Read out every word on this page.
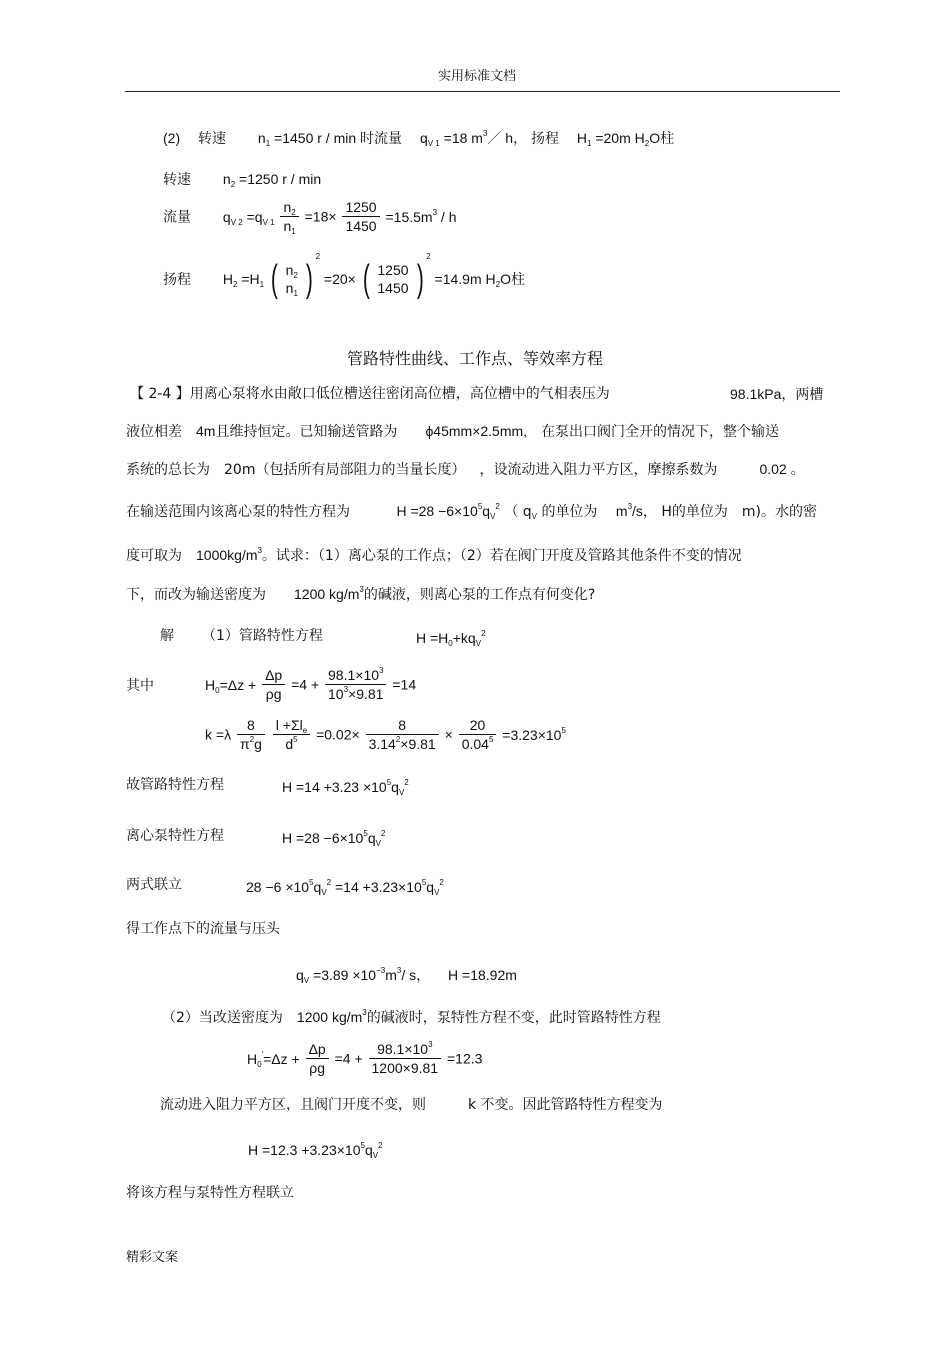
实用标准文档
(2) 转速 $n_1 =1450$ r / min 时流量 $q_{V 1} =18$ $m^3/$ h， 扬程 $H_1 =20m$ $H_2O$柱
转速 $n_2 =1250$ r / min
流量 $q_{V 2} =q_{V 1} \frac{n_2}{n_1} =18\times \frac{1250}{1450} =15.5m^3 / h$
扬程 $H_2 =H_1$ ( $n_2$
$n_1$ )$^2$ =20× ( 1250
1450 )$^2$ =14.9m $H_2O$柱
管路特性曲线、工作点、等效率方程
【 2-4 】用离心泵将水由敞口低位槽送往密闭高位槽，高位槽中的气相表压为	98.1kPa，两槽
液位相差 4m且维持恒定。已知输送管路为 ϕ45mm×2.5mm, 在泵出口阀门全开的情况下，整个输送
系统的总长为 20m（包括所有局部阻力的当量长度） ，设流动进入阻力平方区，摩擦系数为	0.02 。
在输送范围内该离心泵的特性方程为	$H =28 -6\times 10^5q_V^2$ （ $q_V$ 的单位为 $m^3/s$， H的单位为 m)。水的密
度可取为 $1000kg/m^3$。试求：（1）离心泵的工作点；（2）若在阀门开度及管路其他条件不变的情况
下，而改为输送密度为 1200 $kg/m^3$的碱液，则离心泵的工作点有何变化?
解 （1）管路特性方程	$H =H_0+kq_V^2$
其中	$H_0=\Delta z + \frac{\Delta p}{\rho g} =4 + \frac{98.1\times 10^3}{10^3\times 9.81} =14$
$k =\lambda \frac{8}{\pi^2g}$
$\frac{l +\Sigma l_e}{d^5} =0.02\times \frac{8}{3.14^2\times 9.81} \times \frac{20}{0.04^5} =3.23\times 10^5$
故管路特性方程	$H =14 +3.23 \times 10^5q_V^2$
离心泵特性方程	$H =28 -6\times 10^5q_V^2$
两式联立	$28 -6 \times 10^5q_V^2 =14 +3.23\times 10^5q_V^2$
得工作点下的流量与压头
$q_V =3.89 \times 10^{-3}m^3/$ s， H =18.92m
（2）当改送密度为 1200 $kg/m^3$的碱液时，泵特性方程不变，此时管路特性方程
$H_0'=\Delta z + \frac{\Delta p}{\rho g} =4 + \frac{98.1\times 10^3}{1200\times 9.81} =12.3$
流动进入阻力平方区，且阀门开度不变，则	k 不变。因此管路特性方程变为
$H =12.3 +3.23\times 10^5q_V^2$
将该方程与泵特性方程联立
精彩文案
